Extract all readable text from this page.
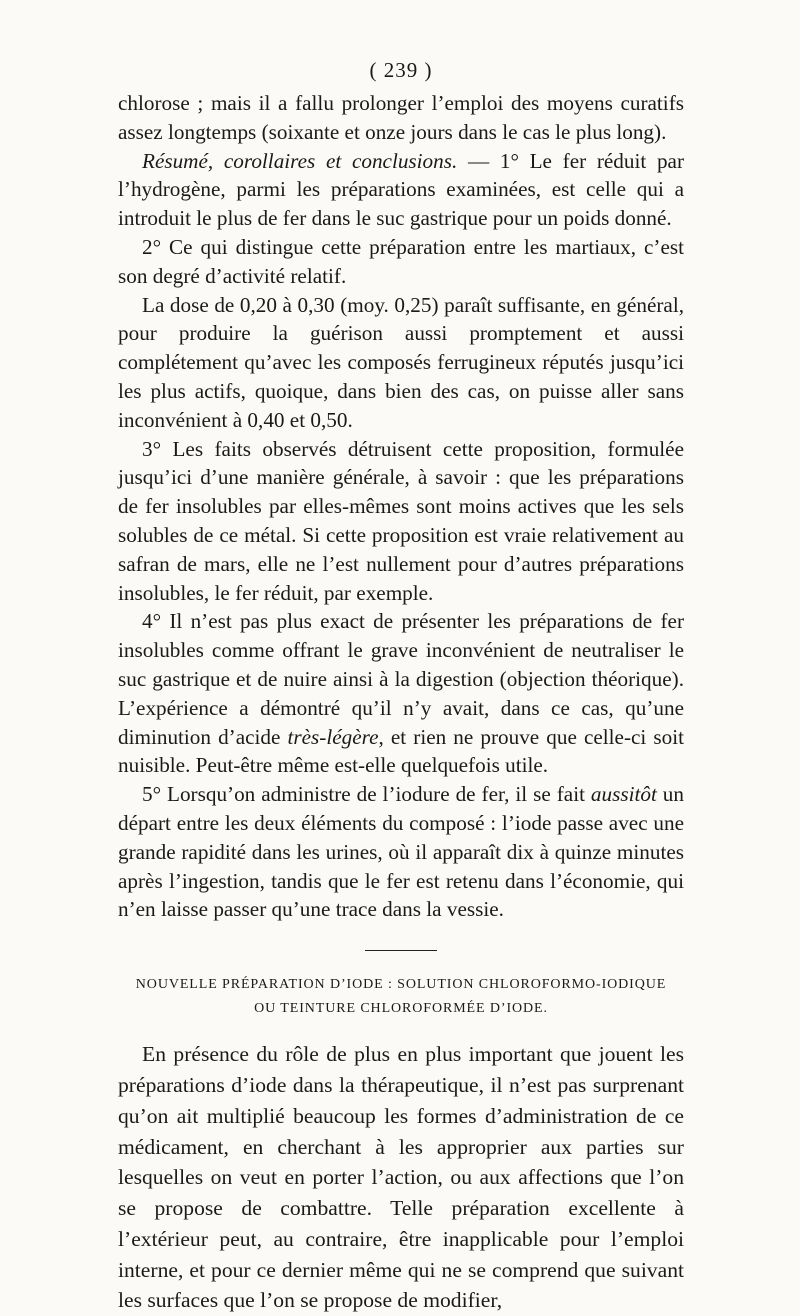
( 239 )

chlorose ; mais il a fallu prolonger l’emploi des moyens curatifs assez longtemps (soixante et onze jours dans le cas le plus long).

Résumé, corollaires et conclusions. — 1° Le fer réduit par l’hydrogène, parmi les préparations examinées, est celle qui a introduit le plus de fer dans le suc gastrique pour un poids donné.

2° Ce qui distingue cette préparation entre les martiaux, c’est son degré d’activité relatif.

La dose de 0,20 à 0,30 (moy. 0,25) paraît suffisante, en général, pour produire la guérison aussi promptement et aussi complétement qu’avec les composés ferrugineux réputés jusqu’ici les plus actifs, quoique, dans bien des cas, on puisse aller sans inconvénient à 0,40 et 0,50.

3° Les faits observés détruisent cette proposition, formulée jusqu’ici d’une manière générale, à savoir : que les préparations de fer insolubles par elles-mêmes sont moins actives que les sels solubles de ce métal. Si cette proposition est vraie relativement au safran de mars, elle ne l’est nullement pour d’autres préparations insolubles, le fer réduit, par exemple.

4° Il n’est pas plus exact de présenter les préparations de fer insolubles comme offrant le grave inconvénient de neutraliser le suc gastrique et de nuire ainsi à la digestion (objection théorique). L’expérience a démontré qu’il n’y avait, dans ce cas, qu’une diminution d’acide très-légère, et rien ne prouve que celle-ci soit nuisible. Peut-être même est-elle quelquefois utile.

5° Lorsqu’on administre de l’iodure de fer, il se fait aussitôt un départ entre les deux éléments du composé : l’iode passe avec une grande rapidité dans les urines, où il apparaît dix à quinze minutes après l’ingestion, tandis que le fer est retenu dans l’économie, qui n’en laisse passer qu’une trace dans la vessie.

NOUVELLE PRÉPARATION D’IODE : SOLUTION CHLOROFORMO-IODIQUE
OU TEINTURE CHLOROFORMÉE D’IODE.

En présence du rôle de plus en plus important que jouent les préparations d’iode dans la thérapeutique, il n’est pas surprenant qu’on ait multiplié beaucoup les formes d’administration de ce médicament, en cherchant à les approprier aux parties sur lesquelles on veut en porter l’action, ou aux affections que l’on se propose de combattre. Telle préparation excellente à l’extérieur peut, au contraire, être inapplicable pour l’emploi interne, et pour ce dernier même qui ne se comprend que suivant les surfaces que l’on se propose de modifier,
